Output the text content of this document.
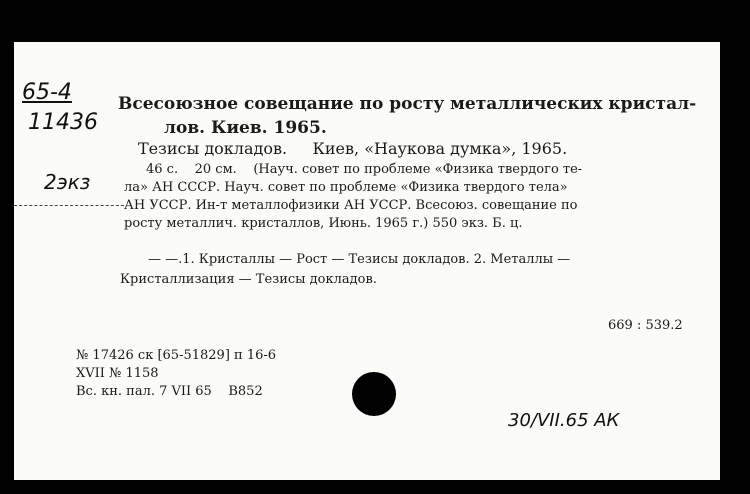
65-4
11436
2экз
Всесоюзное совещание по росту металлических кристал-
лов. Киев. 1965.
Тезисы докладов.     Киев, «Наукова думка», 1965.
46 с.    20 см.    (Науч. совет по проблеме «Физика твердого те-
ла» АН СССР. Науч. совет по проблеме «Физика твердого тела»
АН УССР. Ин-т металлофизики АН УССР. Всесоюз. совещание по
росту металлич. кристаллов, Июнь. 1965 г.) 550 экз. Б. ц.
— —.1. Кристаллы — Рост — Тезисы докладов. 2. Металлы —
Кристаллизация — Тезисы докладов.
669 : 539.2
№ 17426 ск [65-51829] п 16-6
XVII № 1158
Вс. кн. пал. 7 VII 65    В852
30/VII.65 АК
